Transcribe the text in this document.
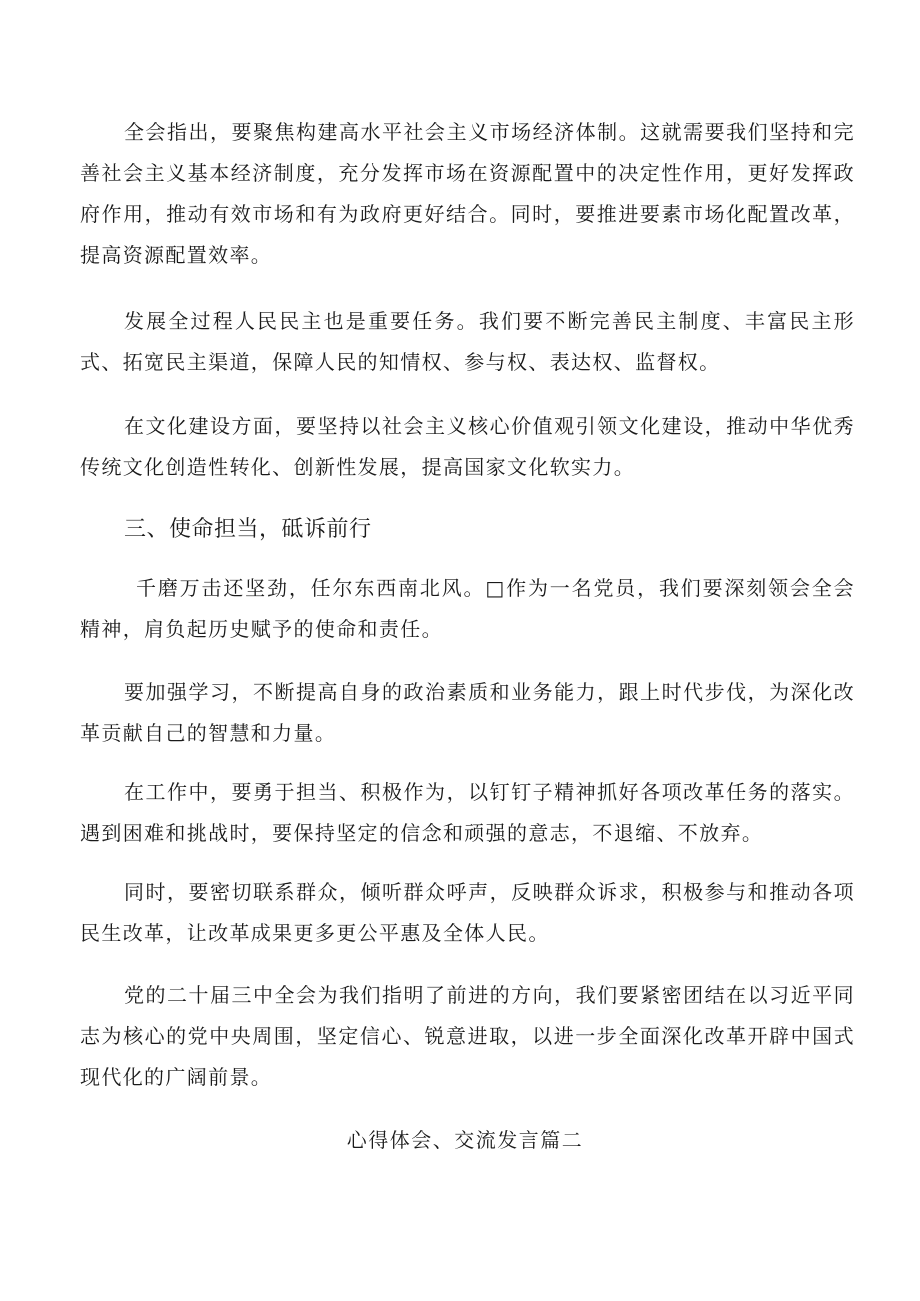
全会指出，要聚焦构建高水平社会主义市场经济体制。这就需要我们坚持和完善社会主义基本经济制度，充分发挥市场在资源配置中的决定性作用，更好发挥政府作用，推动有效市场和有为政府更好结合。同时，要推进要素市场化配置改革，提高资源配置效率。

发展全过程人民民主也是重要任务。我们要不断完善民主制度、丰富民主形式、拓宽民主渠道，保障人民的知情权、参与权、表达权、监督权。

在文化建设方面，要坚持以社会主义核心价值观引领文化建设，推动中华优秀传统文化创造性转化、创新性发展，提高国家文化软实力。

三、使命担当，砥诉前行

千磨万击还坚劲，任尔东西南北风。□作为一名党员，我们要深刻领会全会精神，肩负起历史赋予的使命和责任。

要加强学习，不断提高自身的政治素质和业务能力，跟上时代步伐，为深化改革贡献自己的智慧和力量。

在工作中，要勇于担当、积极作为，以钉钉子精神抓好各项改革任务的落实。遇到困难和挑战时，要保持坚定的信念和顽强的意志，不退缩、不放弃。

同时，要密切联系群众，倾听群众呼声，反映群众诉求，积极参与和推动各项民生改革，让改革成果更多更公平惠及全体人民。

党的二十届三中全会为我们指明了前进的方向，我们要紧密团结在以习近平同志为核心的党中央周围，坚定信心、锐意进取，以进一步全面深化改革开辟中国式现代化的广阔前景。

心得体会、交流发言篇二
